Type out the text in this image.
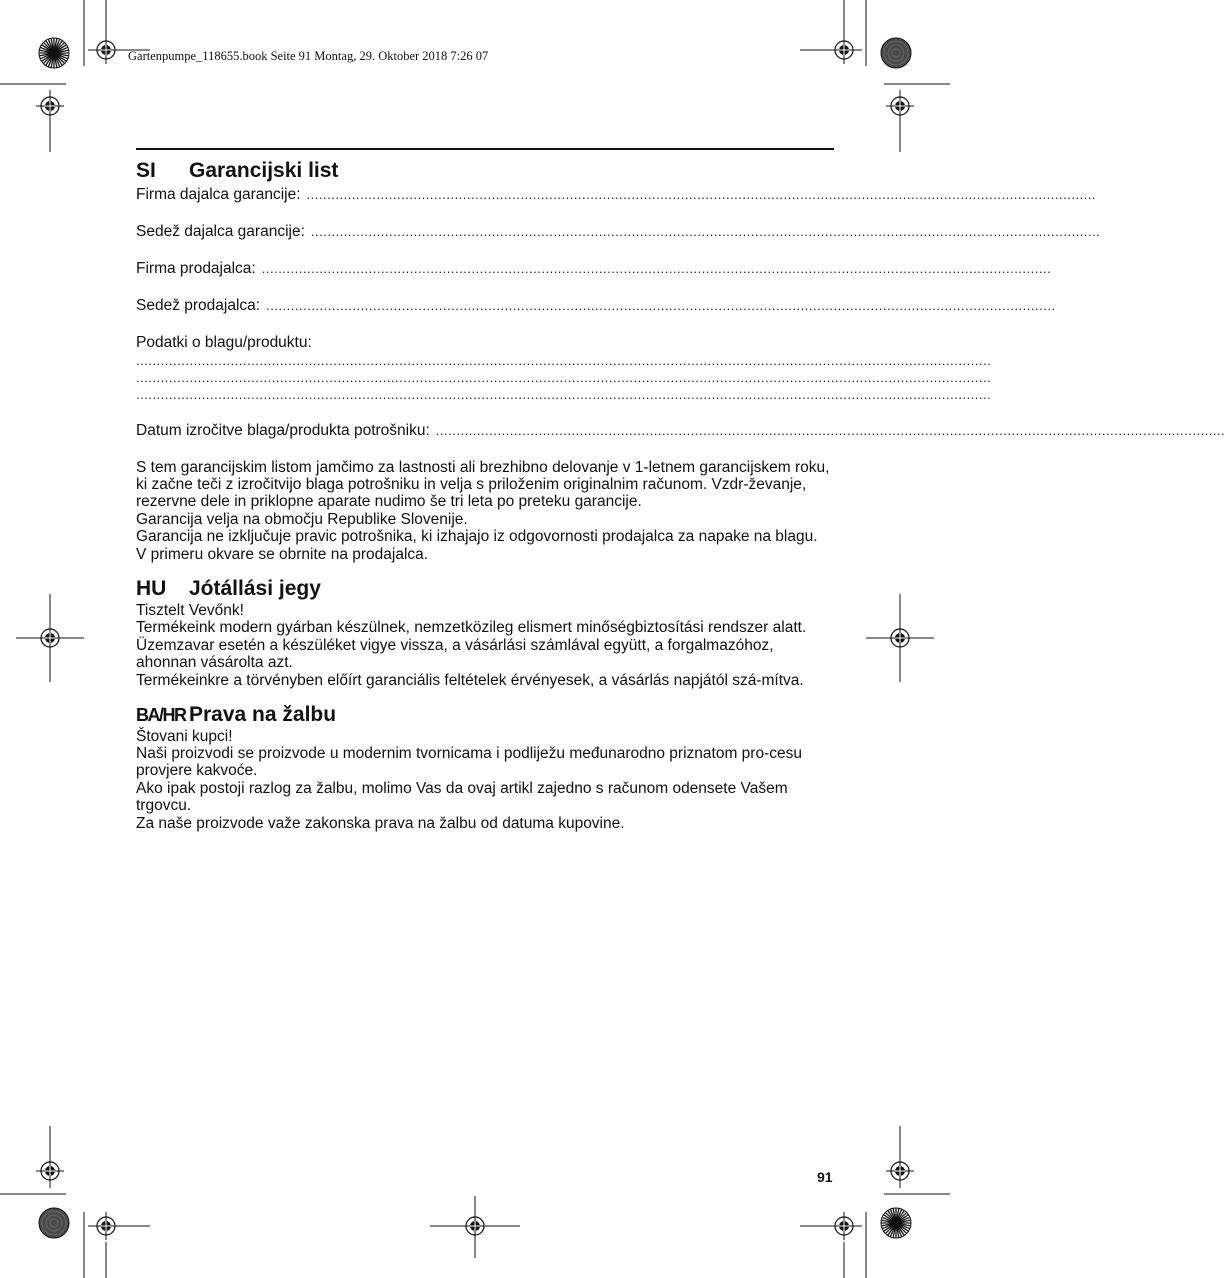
Gartenpumpe_118655.book Seite 91 Montag, 29. Oktober 2018 7:26 07
SI	Garancijski list
Firma dajalca garancije: ................................................................................................................................................................................................
Sedež dajalca garancije: ................................................................................................................................................................................................
Firma prodajalca: ................................................................................................................................................................................................
Sedež prodajalca: ................................................................................................................................................................................................
Podatki o blagu/produktu:
................................................................................................................................................................................................................
................................................................................................................................................................................................................
................................................................................................................................................................................................................
Datum izročitve blaga/produkta potrošniku: ................................................................................................................................................................................................

S tem garancijskim listom jamčimo za lastnosti ali brezhibno delovanje v 1-letnem garancijskem roku, ki začne teči z izročitvijo blaga potrošniku in velja s priloženim originalnim računom. Vzdr-ževanje, rezervne dele in priklopne aparate nudimo še tri leta po preteku garancije.

Garancija velja na območju Republike Slovenije.

Garancija ne izključuje pravic potrošnika, ki izhajajo iz odgovornosti prodajalca za napake na blagu.

V primeru okvare se obrnite na prodajalca.

HU	Jótállási jegy

Tisztelt Vevőnk!

Termékeink modern gyárban készülnek, nemzetközileg elismert minőségbiztosítási rendszer alatt.

Üzemzavar esetén a készüléket vigye vissza, a vásárlási számlával együtt, a forgalmazóhoz, ahonnan vásárolta azt.

Termékeinkre a törvényben előírt garanciális feltételek érvényesek, a vásárlás napjától szá-mítva.

BA/HR Prava na žalbu

Štovani kupci!

Naši proizvodi se proizvode u modernim tvornicama i podliježu međunarodno priznatom pro-cesu provjere kakvoće.

Ako ipak postoji razlog za žalbu, molimo Vas da ovaj artikl zajedno s računom odensete Vašem trgovcu.

Za naše proizvode važe zakonska prava na žalbu od datuma kupovine.

91
